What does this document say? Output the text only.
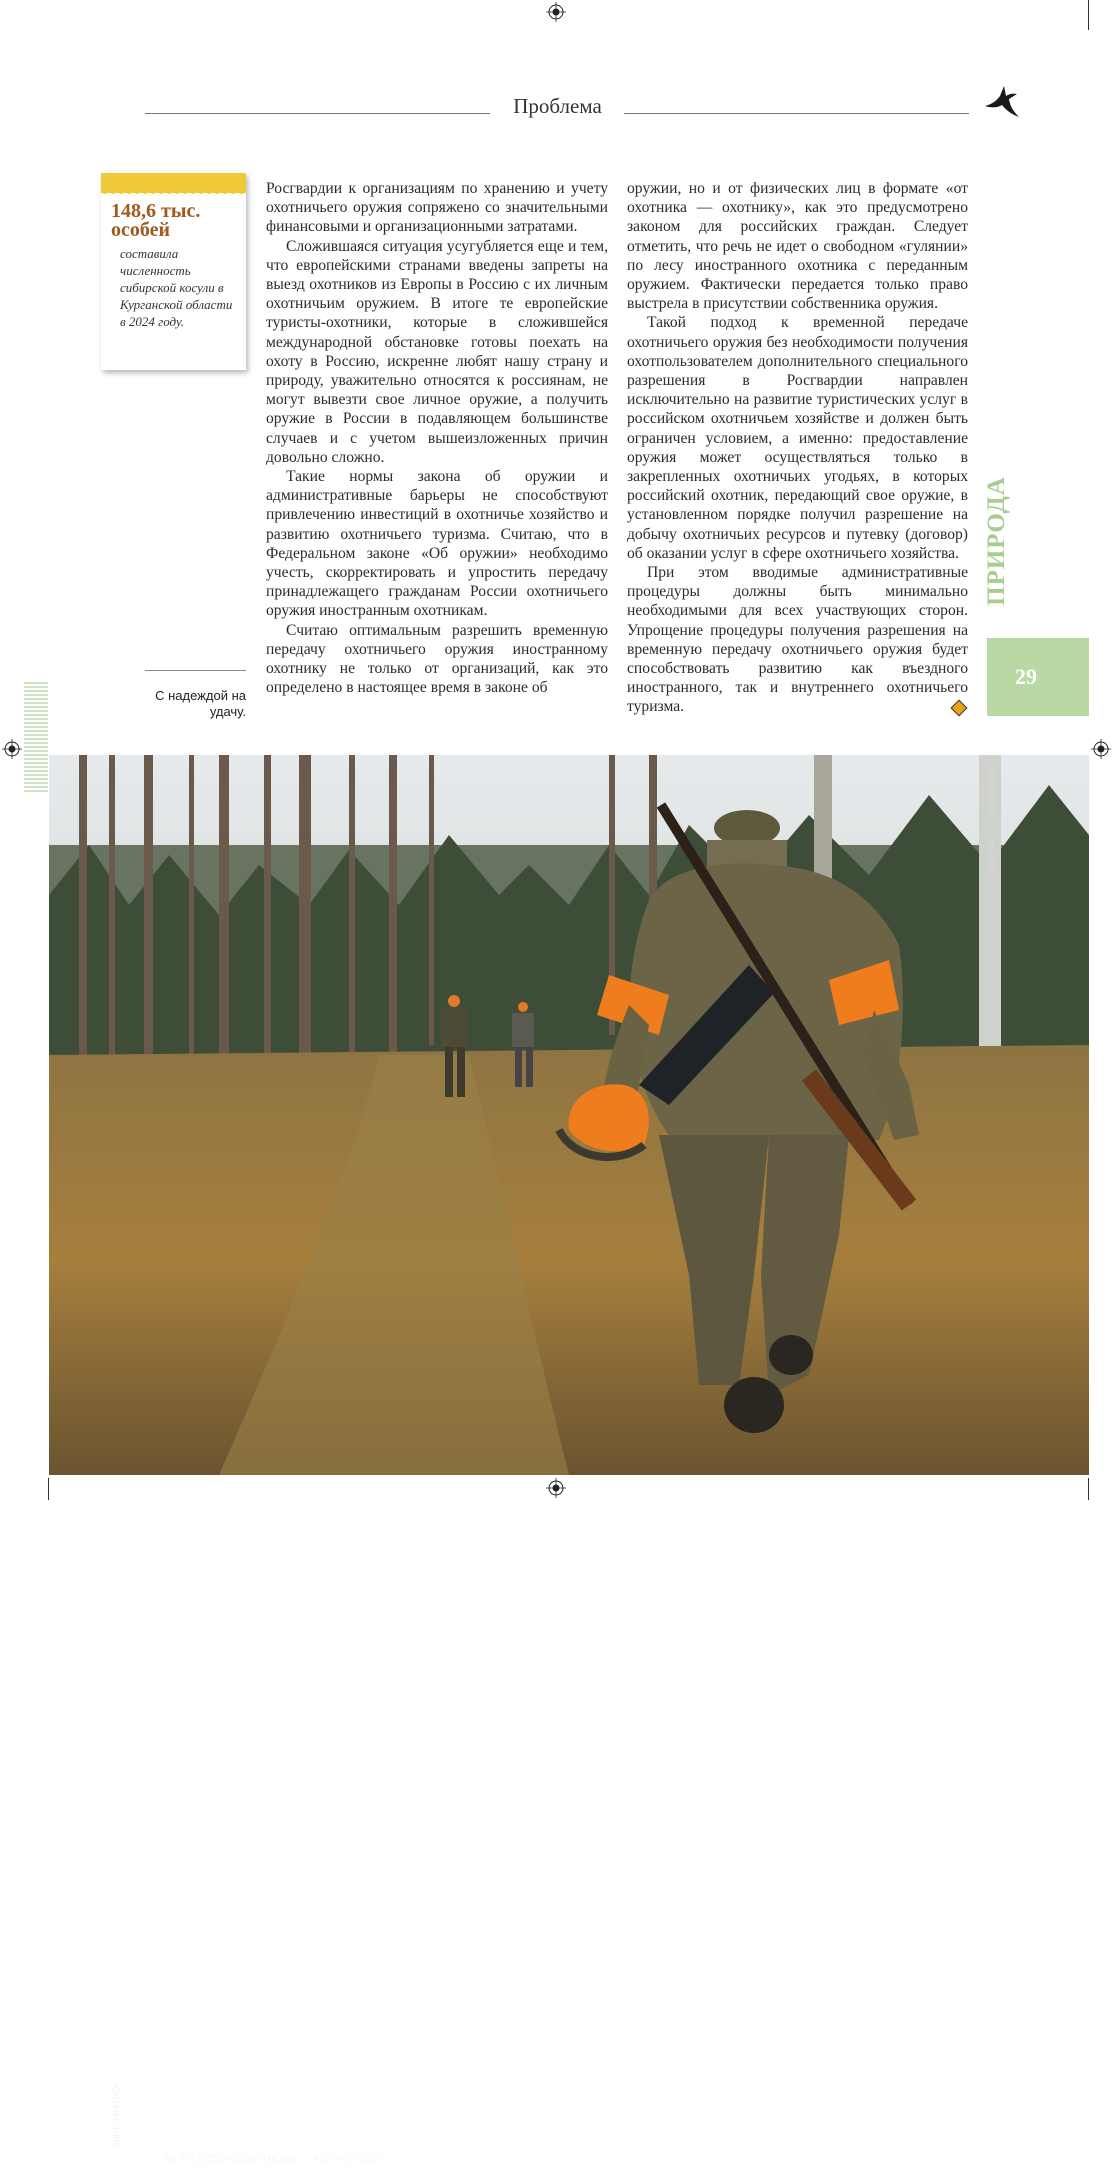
Проблема
148,6 тыс. особей
составила численность сибирской косули в Курганской области в 2024 году.

Росгвардии к организациям по хранению и учету охотничьего оружия сопряжено со значительными финансовыми и организационными затратами.

Сложившаяся ситуация усугубляется еще и тем, что европейскими странами введены запреты на выезд охотников из Европы в Россию с их личным охотничьим оружием. В итоге те европейские туристы-охотники, которые в сложившейся международной обстановке готовы поехать на охоту в Россию, искренне любят нашу страну и природу, уважительно относятся к россиянам, не могут вывезти свое личное оружие, а получить оружие в России в подавляющем большинстве случаев и с учетом вышеизложенных причин довольно сложно.

Такие нормы закона об оружии и административные барьеры не способствуют привлечению инвестиций в охотничье хозяйство и развитию охотничьего туризма. Считаю, что в Федеральном законе «Об оружии» необходимо учесть, скорректировать и упростить передачу принадлежащего гражданам России охотничьего оружия иностранным охотникам.

Считаю оптимальным разрешить временную передачу охотничьего оружия иностранному охотнику не только от организаций, как это определено в настоящее время в законе об

оружии, но и от физических лиц в формате «от охотника — охотнику», как это предусмотрено законом для российских граждан. Следует отметить, что речь не идет о свободном «гулянии» по лесу иностранного охотника с переданным оружием. Фактически передается только право выстрела в присутствии собственника оружия.

Такой подход к временной передаче охотничьего оружия без необходимости получения охотпользователем дополнительного специального разрешения в Росгвардии направлен исключительно на развитие туристических услуг в российском охотничьем хозяйстве и должен быть ограничен условием, а именно: предоставление оружия может осуществляться только в закрепленных охотничьих угодьях, в которых российский охотник, передающий свое оружие, в установленном порядке получил разрешение на добычу охотничьих ресурсов и путевку (договор) об оказании услуг в сфере охотничьего хозяйства.

При этом вводимые административные процедуры должны быть минимально необходимыми для всех участвующих сторон. Упрощение процедуры получения разрешения на временную передачу охотничьего оружия будет способствовать развитию как въездного иностранного, так и внутреннего охотничьего туризма.

С надеждой на удачу.
ПРИРОДА
29
SHUTTERSTOCK
№ 7-8 (1255–1256) ИЮЛЬ — АВГУСТ 2025
КУРГАН С ТРОФЕЯМИ
